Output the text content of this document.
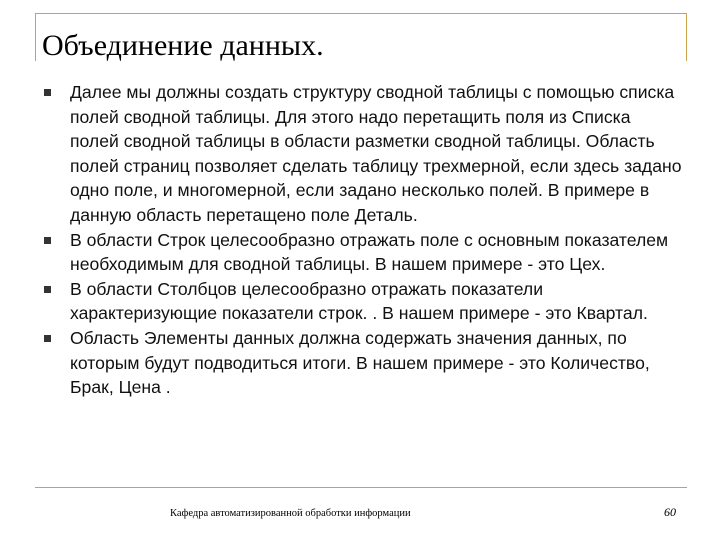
Объединение данных.
Далее мы должны создать структуру сводной таблицы с помощью списка полей сводной таблицы. Для этого надо перетащить поля из Списка полей сводной таблицы в области разметки сводной таблицы. Область полей страниц позволяет сделать таблицу трехмерной, если здесь задано одно поле, и многомерной, если задано несколько полей. В примере в данную область перетащено поле Деталь.
В области Строк целесообразно отражать поле с основным показателем необходимым для сводной таблицы. В нашем примере - это Цех.
В области Столбцов целесообразно отражать показатели характеризующие показатели строк. . В нашем примере - это Квартал.
Область Элементы данных должна содержать значения данных, по которым будут подводиться итоги. В нашем примере - это Количество, Брак, Цена .
Кафедра автоматизированной обработки информации	60
